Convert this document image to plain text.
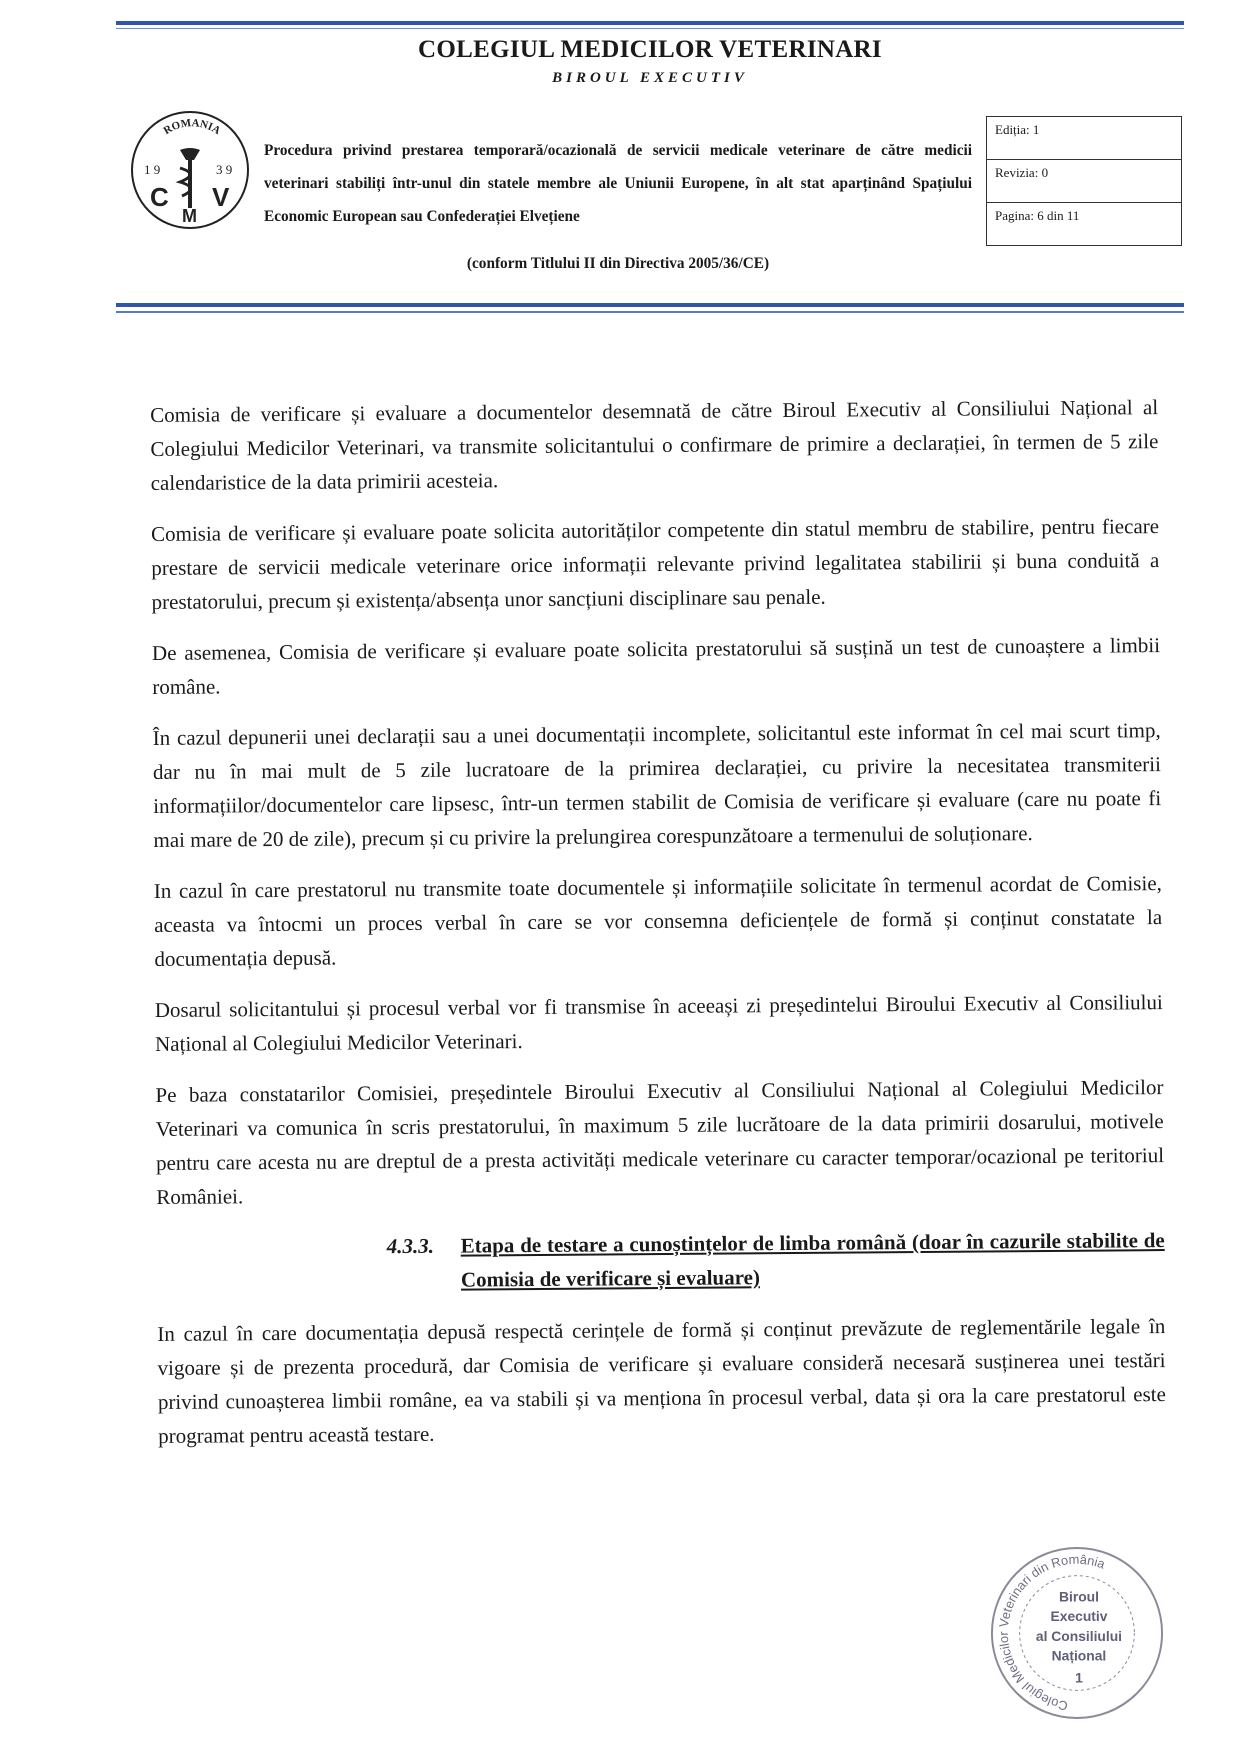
COLEGIUL MEDICILOR VETERINARI
BIROUL EXECUTIV
ROMANIA
1 9	3 9
C
M
V
Procedura privind prestarea temporară/ocazională de servicii medicale veterinare de către medicii veterinari stabiliți într-unul din statele membre ale Uniunii Europene, în alt stat aparținând Spațiului Economic European sau Confederației Elvețiene
(conform Titlului II din Directiva 2005/36/CE)
Ediția: 1
Revizia: 0
Pagina: 6 din 11

Comisia de verificare și evaluare a documentelor desemnată de către Biroul Executiv al Consiliului Național al Colegiului Medicilor Veterinari, va transmite solicitantului o confirmare de primire a declarației, în termen de 5 zile calendaristice de la data primirii acesteia.

Comisia de verificare și evaluare poate solicita autorităților competente din statul membru de stabilire, pentru fiecare prestare de servicii medicale veterinare orice informații relevante privind legalitatea stabilirii și buna conduită a prestatorului, precum și existența/absența unor sancțiuni disciplinare sau penale.

De asemenea, Comisia de verificare și evaluare poate solicita prestatorului să susțină un test de cunoaștere a limbii române.

În cazul depunerii unei declarații sau a unei documentații incomplete, solicitantul este informat în cel mai scurt timp, dar nu în mai mult de 5 zile lucratoare de la primirea declarației, cu privire la necesitatea transmiterii informațiilor/documentelor care lipsesc, într-un termen stabilit de Comisia de verificare și evaluare (care nu poate fi mai mare de 20 de zile), precum și cu privire la prelungirea corespunzătoare a termenului de soluționare.

In cazul în care prestatorul nu transmite toate documentele și informațiile solicitate în termenul acordat de Comisie, aceasta va întocmi un proces verbal în care se vor consemna deficiențele de formă și conținut constatate la documentația depusă.

Dosarul solicitantului și procesul verbal vor fi transmise în aceeași zi președintelui Biroului Executiv al Consiliului Național al Colegiului Medicilor Veterinari.

Pe baza constatarilor Comisiei, președintele Biroului Executiv al Consiliului Național al Colegiului Medicilor Veterinari va comunica în scris prestatorului, în maximum 5 zile lucrătoare de la data primirii dosarului, motivele pentru care acesta nu are dreptul de a presta activități medicale veterinare cu caracter temporar/ocazional pe teritoriul României.

4.3.3.	Etapa de testare a cunoștințelor de limba română (doar în cazurile stabilite de Comisia de verificare și evaluare)

In cazul în care documentația depusă respectă cerințele de formă și conținut prevăzute de reglementările legale în vigoare și de prezenta procedură, dar Comisia de verificare și evaluare consideră necesară susținerea unei testări privind cunoașterea limbii române, ea va stabili și va menționa în procesul verbal, data și ora la care prestatorul este programat pentru această testare.

Colegiul Medicilor Veterinari din România
Biroul
Executiv
al Consiliului
Național
1
